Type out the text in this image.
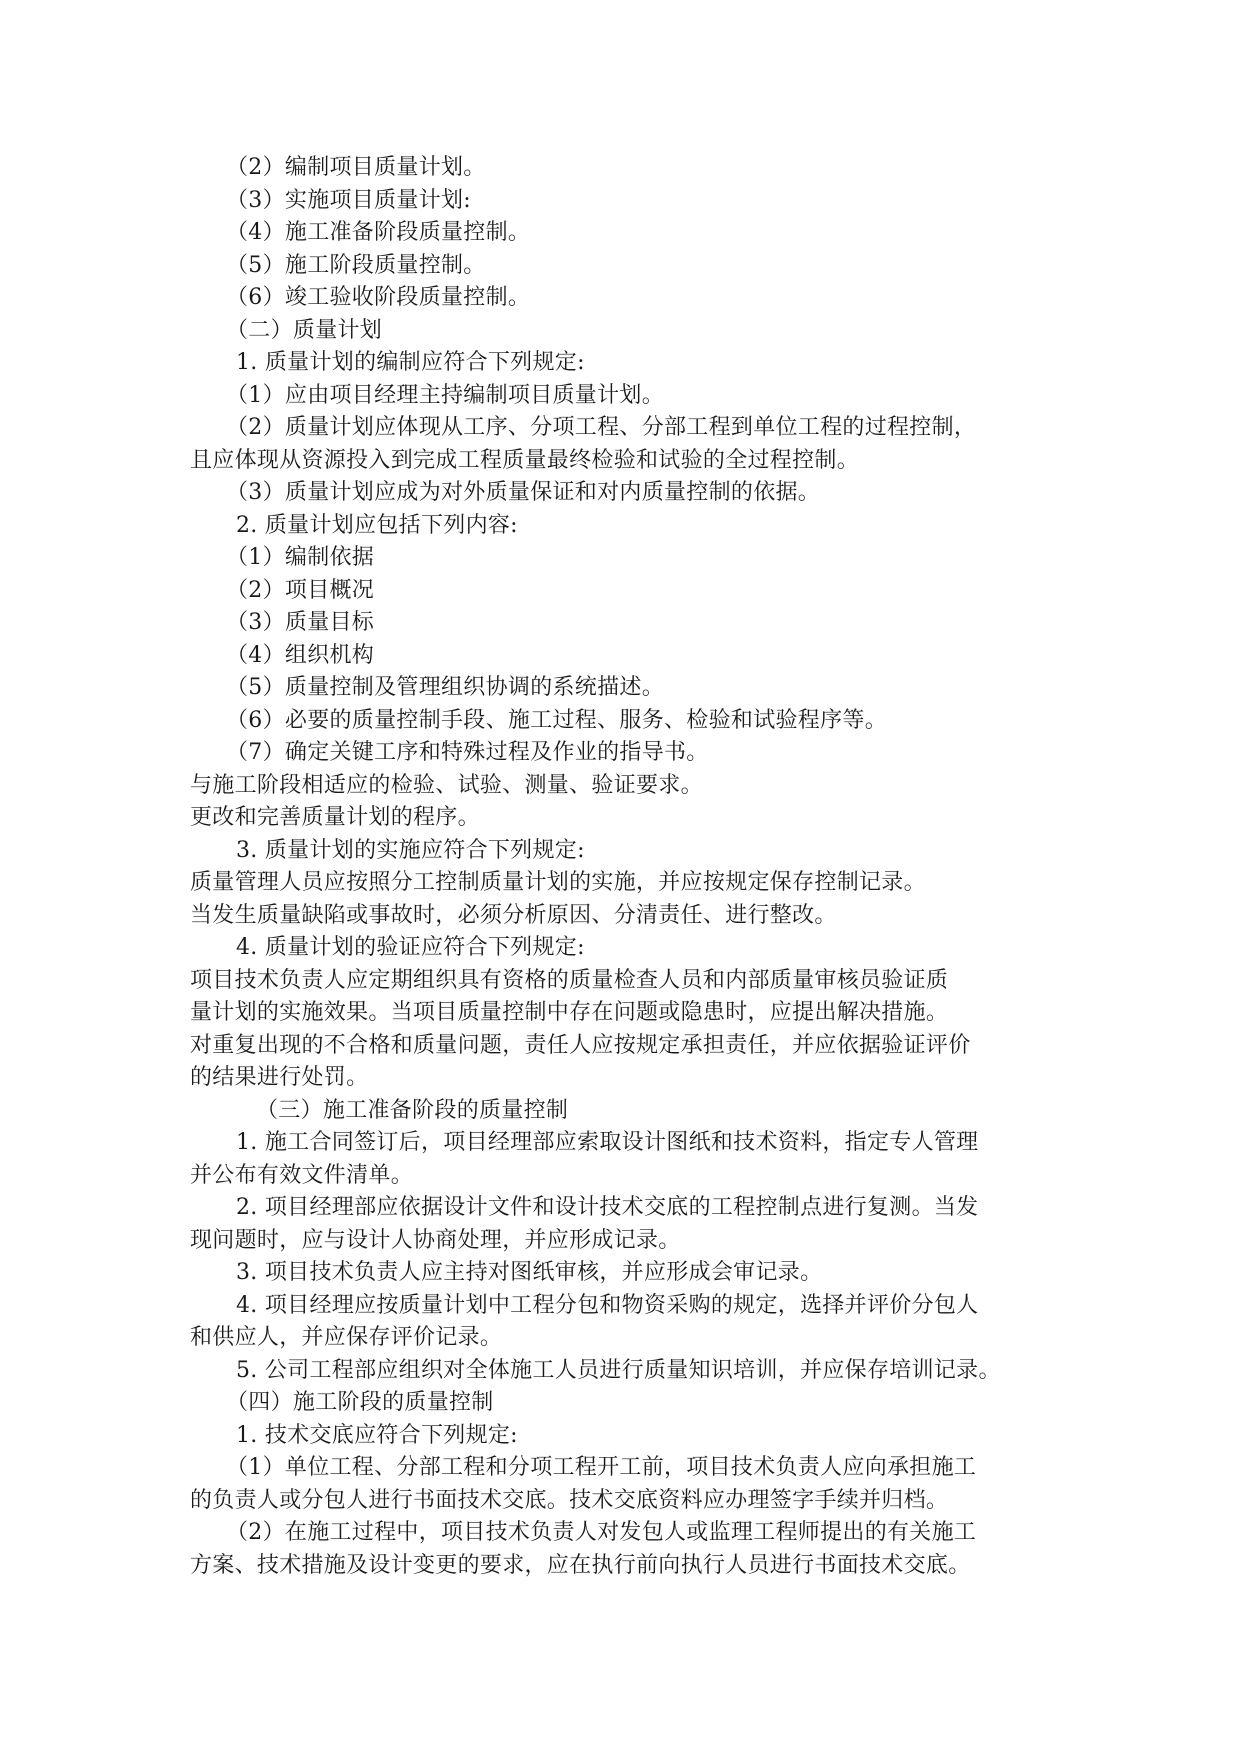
（2）编制项目质量计划。
（3）实施项目质量计划:
（4）施工准备阶段质量控制。
（5）施工阶段质量控制。
（6）竣工验收阶段质量控制。
（二）质量计划
1. 质量计划的编制应符合下列规定:
（1）应由项目经理主持编制项目质量计划。
（2）质量计划应体现从工序、分项工程、分部工程到单位工程的过程控制，
且应体现从资源投入到完成工程质量最终检验和试验的全过程控制。
（3）质量计划应成为对外质量保证和对内质量控制的依据。
2. 质量计划应包括下列内容:
（1）编制依据
（2）项目概况
（3）质量目标
（4）组织机构
（5）质量控制及管理组织协调的系统描述。
（6）必要的质量控制手段、施工过程、服务、检验和试验程序等。
（7）确定关键工序和特殊过程及作业的指导书。
与施工阶段相适应的检验、试验、测量、验证要求。
更改和完善质量计划的程序。
3. 质量计划的实施应符合下列规定:
质量管理人员应按照分工控制质量计划的实施，并应按规定保存控制记录。
当发生质量缺陷或事故时，必须分析原因、分清责任、进行整改。
4. 质量计划的验证应符合下列规定:
项目技术负责人应定期组织具有资格的质量检查人员和内部质量审核员验证质
量计划的实施效果。当项目质量控制中存在问题或隐患时，应提出解决措施。
对重复出现的不合格和质量问题，责任人应按规定承担责任，并应依据验证评价
的结果进行处罚。
（三）施工准备阶段的质量控制
1. 施工合同签订后，项目经理部应索取设计图纸和技术资料，指定专人管理
并公布有效文件清单。
2. 项目经理部应依据设计文件和设计技术交底的工程控制点进行复测。当发
现问题时，应与设计人协商处理，并应形成记录。
3. 项目技术负责人应主持对图纸审核，并应形成会审记录。
4. 项目经理应按质量计划中工程分包和物资采购的规定，选择并评价分包人
和供应人，并应保存评价记录。
5. 公司工程部应组织对全体施工人员进行质量知识培训，并应保存培训记录。
（四）施工阶段的质量控制
1. 技术交底应符合下列规定:
（1）单位工程、分部工程和分项工程开工前，项目技术负责人应向承担施工
的负责人或分包人进行书面技术交底。技术交底资料应办理签字手续并归档。
（2）在施工过程中，项目技术负责人对发包人或监理工程师提出的有关施工
方案、技术措施及设计变更的要求，应在执行前向执行人员进行书面技术交底。
